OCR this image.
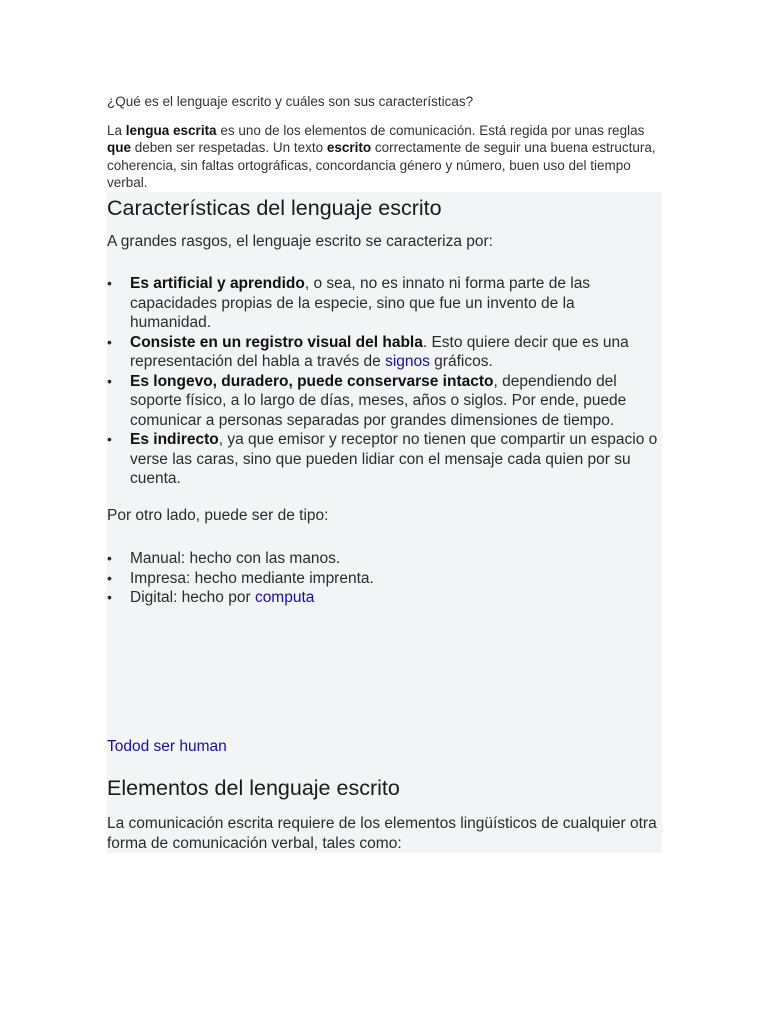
¿Qué es el lenguaje escrito y cuáles son sus características?

La lengua escrita es uno de los elementos de comunicación. Está regida por unas reglas que deben ser respetadas. Un texto escrito correctamente de seguir una buena estructura, coherencia, sin faltas ortográficas, concordancia género y número, buen uso del tiempo verbal.

Características del lenguaje escrito

A grandes rasgos, el lenguaje escrito se caracteriza por:

• Es artificial y aprendido, o sea, no es innato ni forma parte de las capacidades propias de la especie, sino que fue un invento de la humanidad.
• Consiste en un registro visual del habla. Esto quiere decir que es una representación del habla a través de signos gráficos.
• Es longevo, duradero, puede conservarse intacto, dependiendo del soporte físico, a lo largo de días, meses, años o siglos. Por ende, puede comunicar a personas separadas por grandes dimensiones de tiempo.
• Es indirecto, ya que emisor y receptor no tienen que compartir un espacio o verse las caras, sino que pueden lidiar con el mensaje cada quien por su cuenta.

Por otro lado, puede ser de tipo:

• Manual: hecho con las manos.
• Impresa: hecho mediante imprenta.
• Digital: hecho por computa

Todod ser human

Elementos del lenguaje escrito

La comunicación escrita requiere de los elementos lingüísticos de cualquier otra forma de comunicación verbal, tales como:
